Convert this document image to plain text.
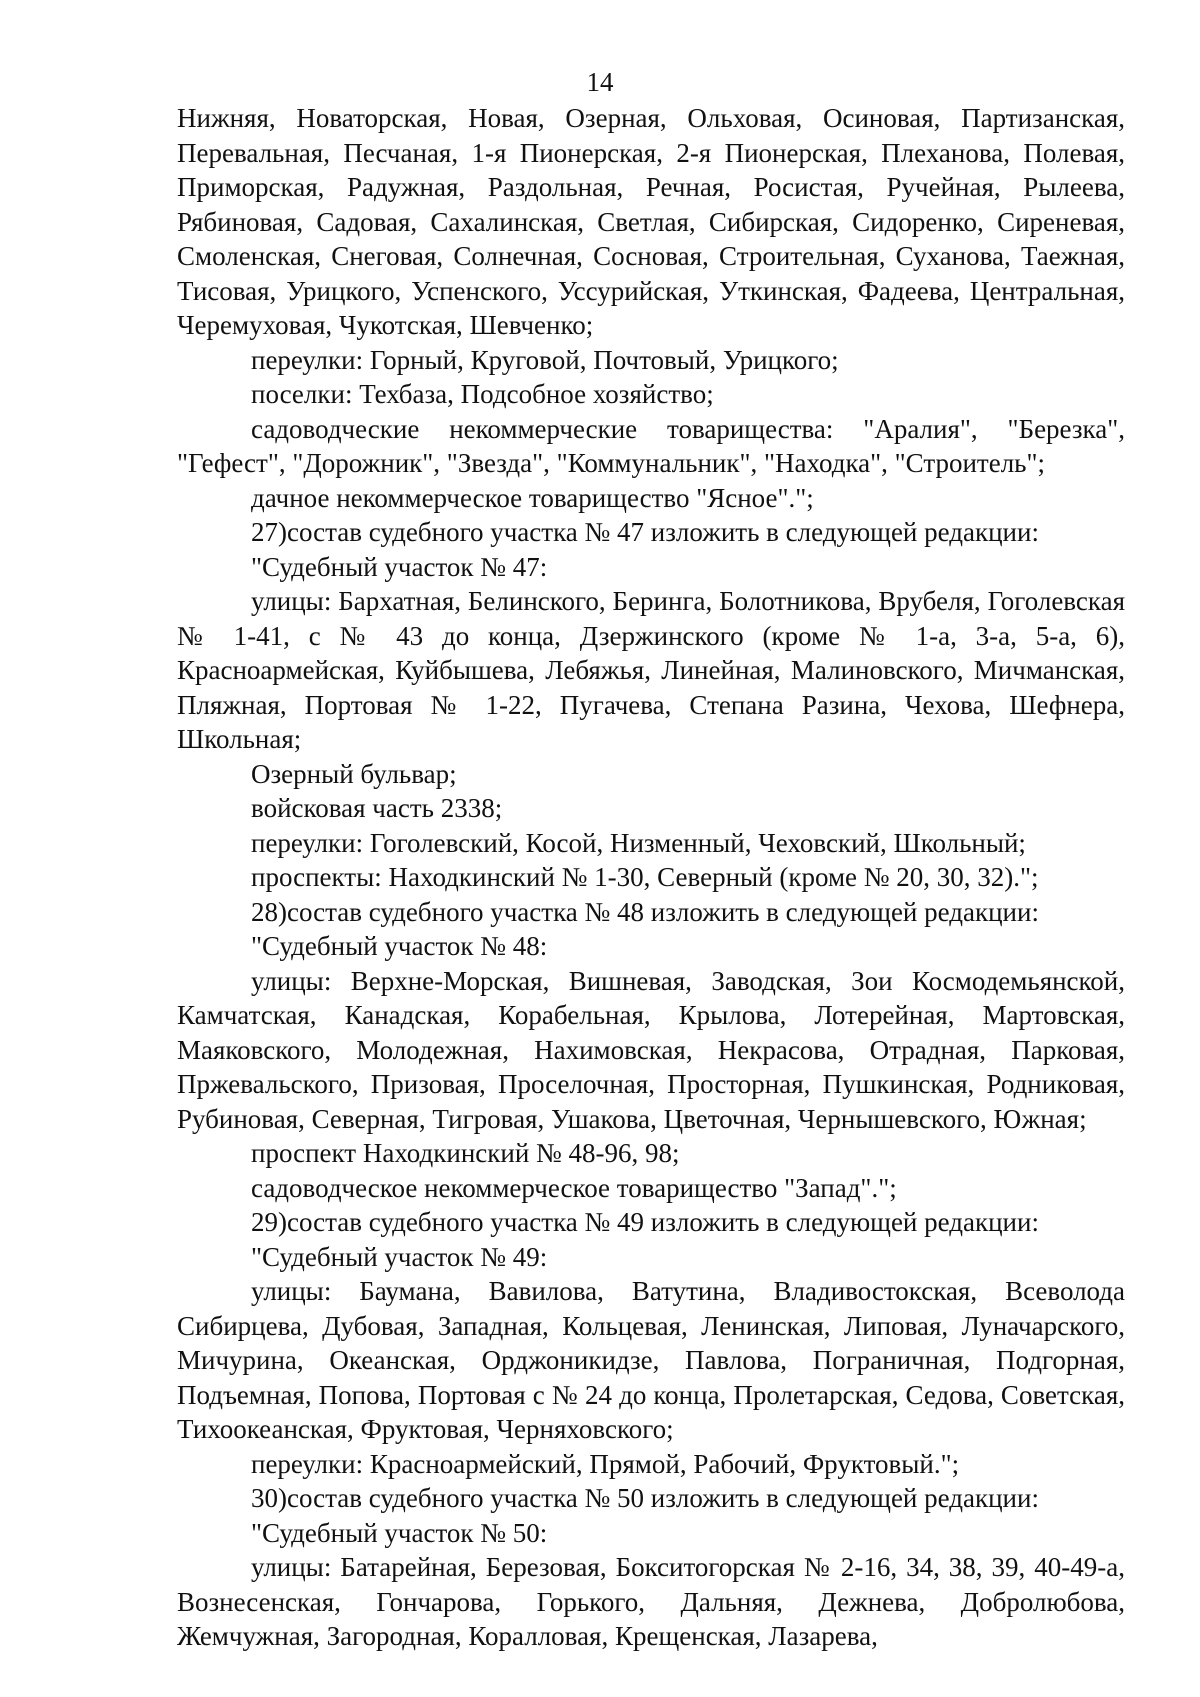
14

Нижняя, Новаторская, Новая, Озерная, Ольховая, Осиновая, Партизанская, Перевальная, Песчаная, 1-я Пионерская, 2-я Пионерская, Плеханова, Полевая, Приморская, Радужная, Раздольная, Речная, Росистая, Ручейная, Рылеева, Рябиновая, Садовая, Сахалинская, Светлая, Сибирская, Сидоренко, Сиреневая, Смоленская, Снеговая, Солнечная, Сосновая, Строительная, Суханова, Таежная, Тисовая, Урицкого, Успенского, Уссурийская, Уткинская, Фадеева, Центральная, Черемуховая, Чукотская, Шевченко;

переулки: Горный, Круговой, Почтовый, Урицкого;

поселки: Техбаза, Подсобное хозяйство;

садоводческие некоммерческие товарищества: "Аралия", "Березка", "Гефест", "Дорожник", "Звезда", "Коммунальник", "Находка", "Строитель";

дачное некоммерческое товарищество "Ясное".";

27)состав судебного участка № 47 изложить в следующей редакции:

"Судебный участок № 47:

улицы: Бархатная, Белинского, Беринга, Болотникова, Врубеля, Гоголевская № 1-41, с № 43 до конца, Дзержинского (кроме № 1-а, 3-а, 5-а, 6), Красноармейская, Куйбышева, Лебяжья, Линейная, Малиновского, Мичманская, Пляжная, Портовая № 1-22, Пугачева, Степана Разина, Чехова, Шефнера, Школьная;

Озерный бульвар;

войсковая часть 2338;

переулки: Гоголевский, Косой, Низменный, Чеховский, Школьный;

проспекты: Находкинский № 1-30, Северный (кроме № 20, 30, 32).";

28)состав судебного участка № 48 изложить в следующей редакции:

"Судебный участок № 48:

улицы: Верхне-Морская, Вишневая, Заводская, Зои Космодемьянской, Камчатская, Канадская, Корабельная, Крылова, Лотерейная, Мартовская, Маяковского, Молодежная, Нахимовская, Некрасова, Отрадная, Парковая, Пржевальского, Призовая, Проселочная, Просторная, Пушкинская, Родниковая, Рубиновая, Северная, Тигровая, Ушакова, Цветочная, Чернышевского, Южная;

проспект Находкинский № 48-96, 98;

садоводческое некоммерческое товарищество "Запад".";

29)состав судебного участка № 49 изложить в следующей редакции:

"Судебный участок № 49:

улицы: Баумана, Вавилова, Ватутина, Владивостокская, Всеволода Сибирцева, Дубовая, Западная, Кольцевая, Ленинская, Липовая, Луначарского, Мичурина, Океанская, Орджоникидзе, Павлова, Пограничная, Подгорная, Подъемная, Попова, Портовая с № 24 до конца, Пролетарская, Седова, Советская, Тихоокеанская, Фруктовая, Черняховского;

переулки: Красноармейский, Прямой, Рабочий, Фруктовый.";

30)состав судебного участка № 50 изложить в следующей редакции:

"Судебный участок № 50:

улицы: Батарейная, Березовая, Бокситогорская № 2-16, 34, 38, 39, 40-49-а, Вознесенская, Гончарова, Горького, Дальняя, Дежнева, Добролюбова, Жемчужная, Загородная, Коралловая, Крещенская, Лазарева,
